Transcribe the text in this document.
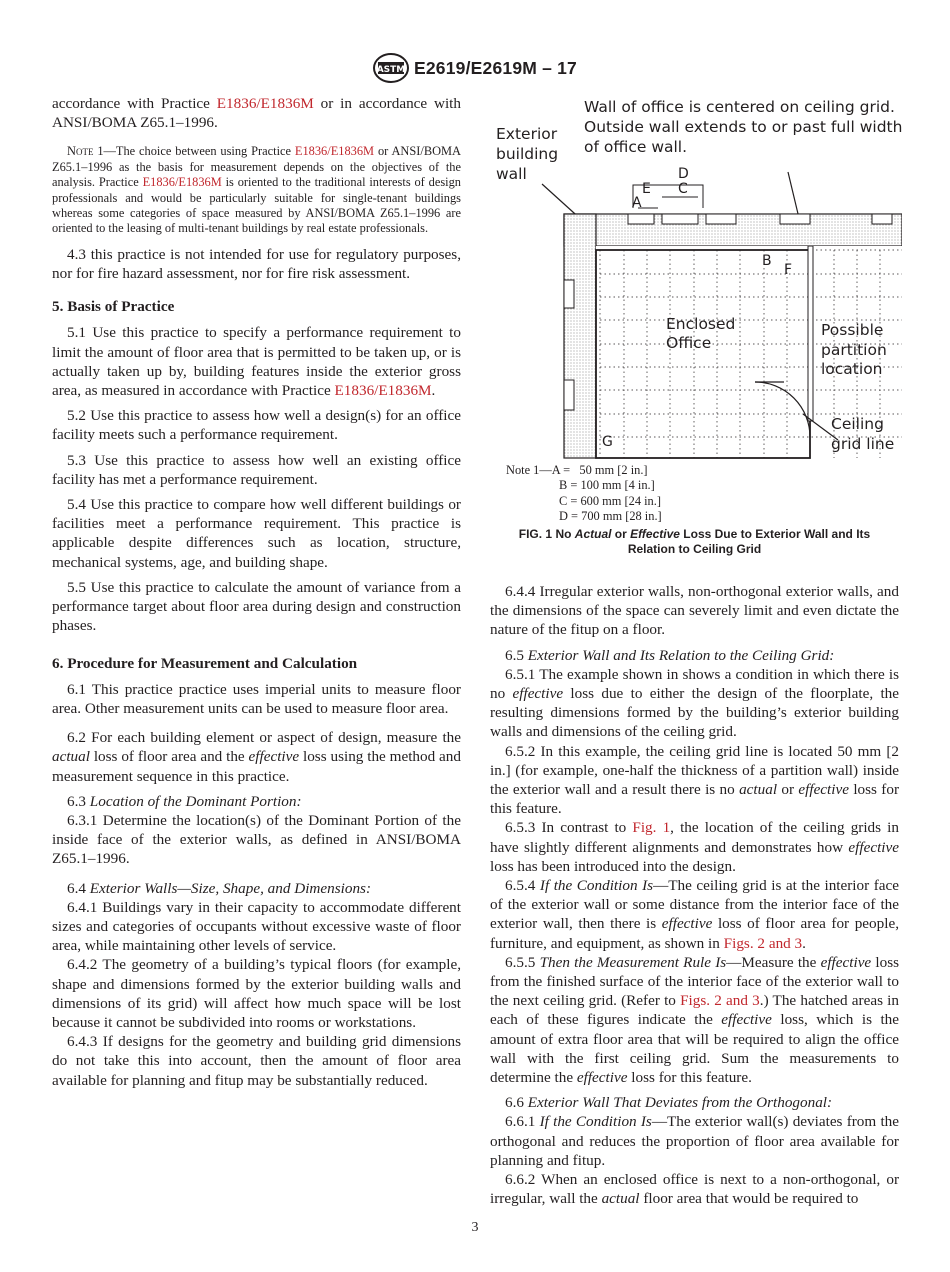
ASTM E2619/E2619M – 17

accordance with Practice E1836/E1836M or in accordance with ANSI/BOMA Z65.1–1996.

Note 1—The choice between using Practice E1836/E1836M or ANSI/BOMA Z65.1–1996 as the basis for measurement depends on the objectives of the analysis. Practice E1836/E1836M is oriented to the traditional interests of design professionals and would be particularly suitable for single-tenant buildings whereas some categories of space measured by ANSI/BOMA Z65.1–1996 are oriented to the leasing of multi-tenant buildings by real estate professionals.

4.3 this practice is not intended for use for regulatory purposes, nor for fire hazard assessment, nor for fire risk assessment.

5. Basis of Practice

5.1 Use this practice to specify a performance requirement to limit the amount of floor area that is permitted to be taken up, or is actually taken up by, building features inside the exterior gross area, as measured in accordance with Practice E1836/E1836M.

5.2 Use this practice to assess how well a design(s) for an office facility meets such a performance requirement.

5.3 Use this practice to assess how well an existing office facility has met a performance requirement.

5.4 Use this practice to compare how well different buildings or facilities meet a performance requirement. This practice is applicable despite differences such as location, structure, mechanical systems, age, and building shape.

5.5 Use this practice to calculate the amount of variance from a performance target about floor area during design and construction phases.

6. Procedure for Measurement and Calculation

6.1 This practice practice uses imperial units to measure floor area. Other measurement units can be used to measure floor area.

6.2 For each building element or aspect of design, measure the actual loss of floor area and the effective loss using the method and measurement sequence in this practice.

6.3 Location of the Dominant Portion:

6.3.1 Determine the location(s) of the Dominant Portion of the inside face of the exterior walls, as defined in ANSI/BOMA Z65.1–1996.

6.4 Exterior Walls—Size, Shape, and Dimensions:

6.4.1 Buildings vary in their capacity to accommodate different sizes and categories of occupants without excessive waste of floor area, while maintaining other levels of service.

6.4.2 The geometry of a building’s typical floors (for example, shape and dimensions formed by the exterior building walls and dimensions of its grid) will affect how much space will be lost because it cannot be subdivided into rooms or workstations.

6.4.3 If designs for the geometry and building grid dimensions do not take this into account, then the amount of floor area available for planning and fitup may be substantially reduced.

Wall of office is centered on ceiling grid.
Outside wall extends to or past full width
of office wall.
Exterior
building
wall
A
E C
D
B
F
G
Enclosed
Office
Possible
partition
location
Ceiling
grid line
Note 1—A =   50 mm [2 in.]
B = 100 mm [4 in.]
C = 600 mm [24 in.]
D = 700 mm [28 in.]
FIG. 1 No Actual or Effective Loss Due to Exterior Wall and Its
Relation to Ceiling Grid

6.4.4 Irregular exterior walls, non-orthogonal exterior walls, and the dimensions of the space can severely limit and even dictate the nature of the fitup on a floor.

6.5 Exterior Wall and Its Relation to the Ceiling Grid:

6.5.1 The example shown in shows a condition in which there is no effective loss due to either the design of the floorplate, the resulting dimensions formed by the building’s exterior building walls and dimensions of the ceiling grid.

6.5.2 In this example, the ceiling grid line is located 50 mm [2 in.] (for example, one-half the thickness of a partition wall) inside the exterior wall and a result there is no actual or effective loss for this feature.

6.5.3 In contrast to Fig. 1, the location of the ceiling grids in have slightly different alignments and demonstrates how effective loss has been introduced into the design.

6.5.4 If the Condition Is—The ceiling grid is at the interior face of the exterior wall or some distance from the interior face of the exterior wall, then there is effective loss of floor area for people, furniture, and equipment, as shown in Figs. 2 and 3.

6.5.5 Then the Measurement Rule Is—Measure the effective loss from the finished surface of the interior face of the exterior wall to the next ceiling grid. (Refer to Figs. 2 and 3.) The hatched areas in each of these figures indicate the effective loss, which is the amount of extra floor area that will be required to align the office wall with the first ceiling grid. Sum the measurements to determine the effective loss for this feature.

6.6 Exterior Wall That Deviates from the Orthogonal:

6.6.1 If the Condition Is—The exterior wall(s) deviates from the orthogonal and reduces the proportion of floor area available for planning and fitup.

6.6.2 When an enclosed office is next to a non-orthogonal, or irregular, wall the actual floor area that would be required to

3
